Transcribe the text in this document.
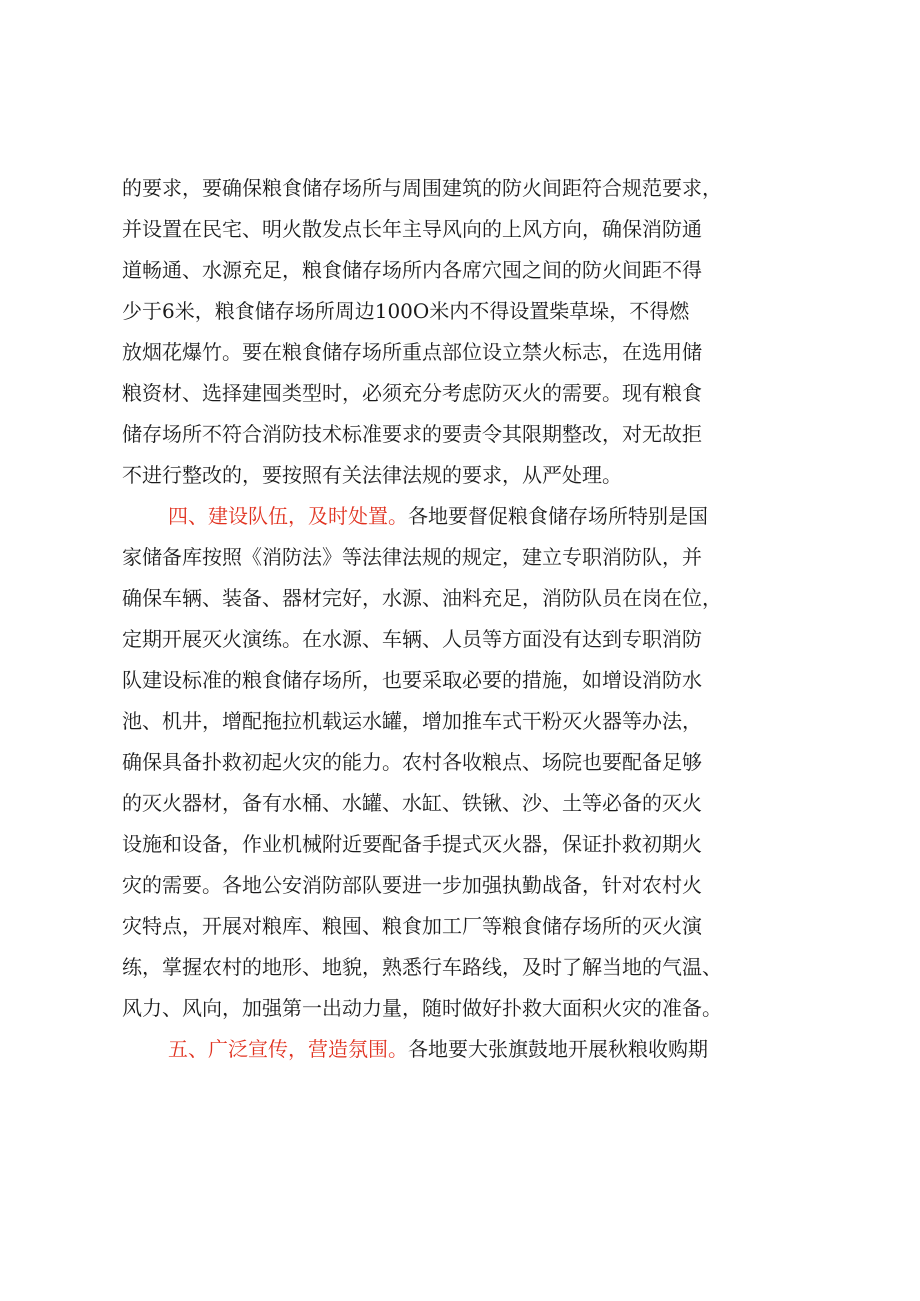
的要求，要确保粮食储存场所与周围建筑的防火间距符合规范要求，
并设置在民宅、明火散发点长年主导风向的上风方向，确保消防通
道畅通、水源充足，粮食储存场所内各席穴囤之间的防火间距不得
少于6米，粮食储存场所周边100O米内不得设置柴草垛，不得燃
放烟花爆竹。要在粮食储存场所重点部位设立禁火标志，在选用储
粮资材、选择建囤类型时，必须充分考虑防灭火的需要。现有粮食
储存场所不符合消防技术标准要求的要责令其限期整改，对无故拒
不进行整改的，要按照有关法律法规的要求，从严处理。
四、建设队伍，及时处置。 各地要督促粮食储存场所特别是国
家储备库按照《消防法》等法律法规的规定，建立专职消防队，并
确保车辆、装备、器材完好，水源、油料充足，消防队员在岗在位，
定期开展灭火演练。在水源、车辆、人员等方面没有达到专职消防
队建设标准的粮食储存场所，也要采取必要的措施，如增设消防水
池、机井，增配拖拉机载运水罐，增加推车式干粉灭火器等办法，
确保具备扑救初起火灾的能力。农村各收粮点、场院也要配备足够
的灭火器材，备有水桶、水罐、水缸、铁锹、沙、土等必备的灭火
设施和设备，作业机械附近要配备手提式灭火器，保证扑救初期火
灾的需要。各地公安消防部队要进一步加强执勤战备，针对农村火
灾特点，开展对粮库、粮囤、粮食加工厂等粮食储存场所的灭火演
练，掌握农村的地形、地貌，熟悉行车路线，及时了解当地的气温、
风力、风向，加强第一出动力量，随时做好扑救大面积火灾的准备。
五、广泛宣传，营造氛围。 各地要大张旗鼓地开展秋粮收购期
